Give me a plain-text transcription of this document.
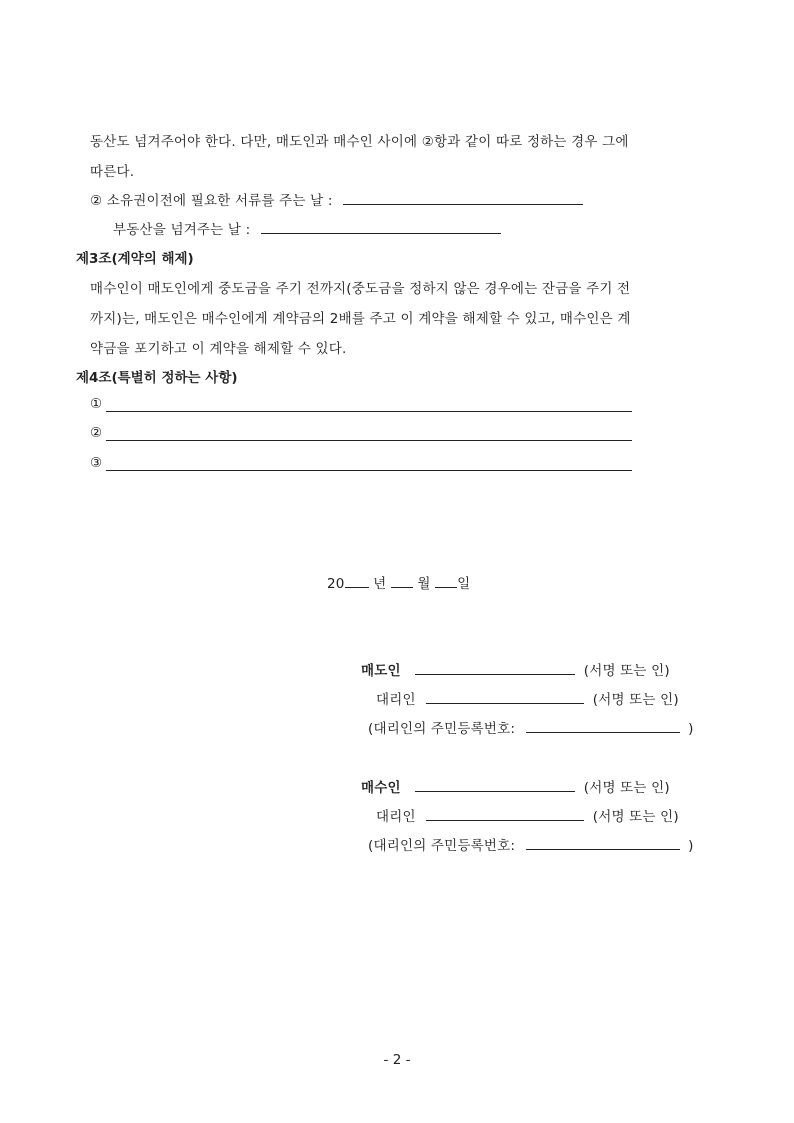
동산도 넘겨주어야 한다. 다만, 매도인과 매수인 사이에 ②항과 같이 따로 정하는 경우 그에
따른다.
② 소유권이전에 필요한 서류를 주는 날 :
부동산을 넘겨주는 날 :
제3조(계약의 해제)
매수인이 매도인에게 중도금을 주기 전까지(중도금을 정하지 않은 경우에는 잔금을 주기 전
까지)는, 매도인은 매수인에게 계약금의 2배를 주고 이 계약을 해제할 수 있고, 매수인은 계
약금을 포기하고 이 계약을 해제할 수 있다.
제4조(특별히 정하는 사항)
①
②
③
20 년 월 일
매도인	(서명 또는 인)
대리인	(서명 또는 인)
(대리인의 주민등록번호:	)
매수인	(서명 또는 인)
대리인	(서명 또는 인)
(대리인의 주민등록번호:	)
- 2 -
